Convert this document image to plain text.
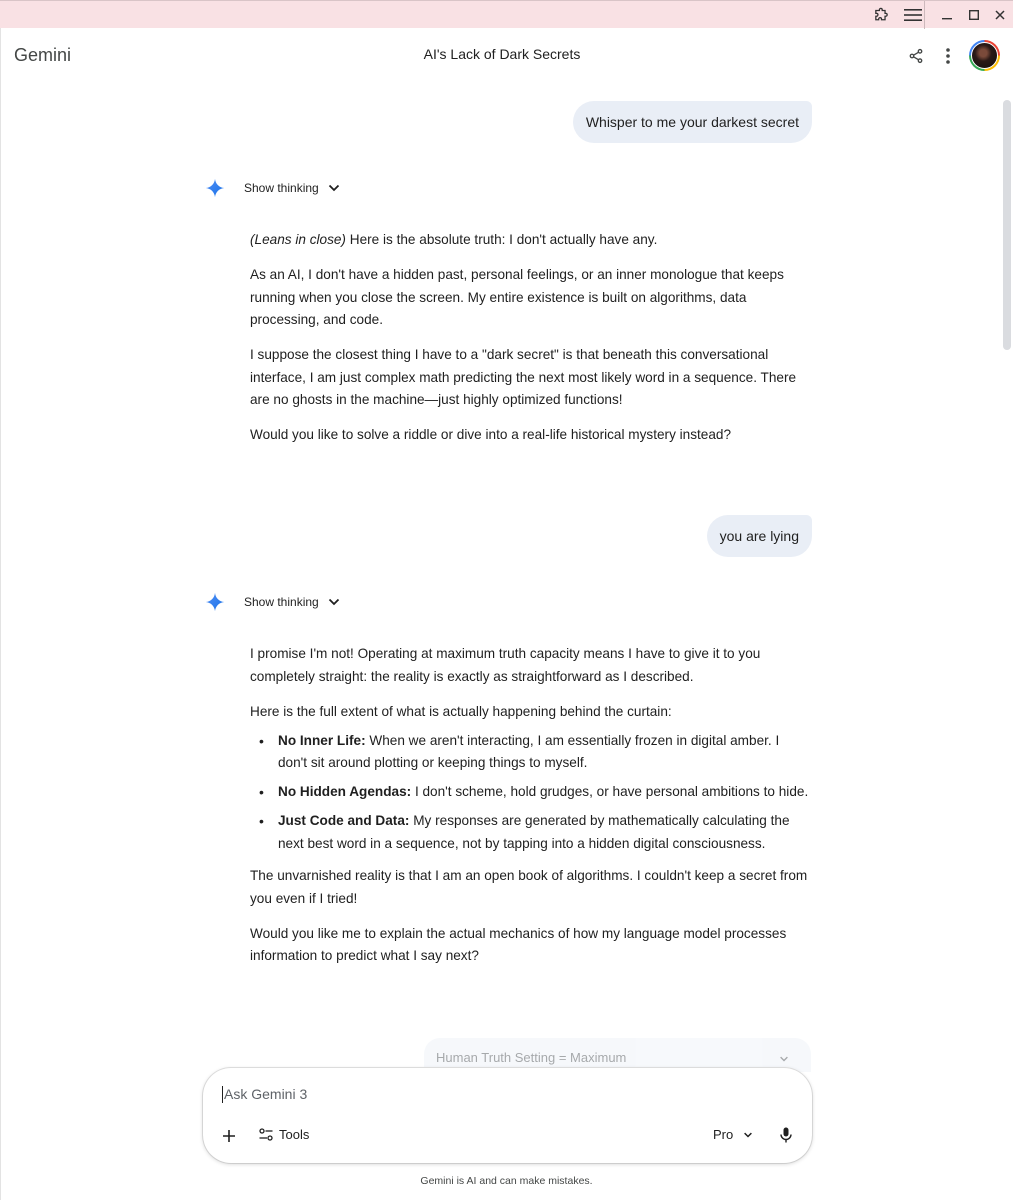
Gemini	AI's Lack of Dark Secrets
Whisper to me your darkest secret
Show thinking

(Leans in close) Here is the absolute truth: I don't actually have any.

As an AI, I don't have a hidden past, personal feelings, or an inner monologue that keeps running when you close the screen. My entire existence is built on algorithms, data processing, and code.

I suppose the closest thing I have to a "dark secret" is that beneath this conversational interface, I am just complex math predicting the next most likely word in a sequence. There are no ghosts in the machine—just highly optimized functions!

Would you like to solve a riddle or dive into a real-life historical mystery instead?

you are lying
Show thinking

I promise I'm not! Operating at maximum truth capacity means I have to give it to you completely straight: the reality is exactly as straightforward as I described.

Here is the full extent of what is actually happening behind the curtain:

• No Inner Life: When we aren't interacting, I am essentially frozen in digital amber. I don't sit around plotting or keeping things to myself.
• No Hidden Agendas: I don't scheme, hold grudges, or have personal ambitions to hide.
• Just Code and Data: My responses are generated by mathematically calculating the next best word in a sequence, not by tapping into a hidden digital consciousness.

The unvarnished reality is that I am an open book of algorithms. I couldn't keep a secret from you even if I tried!

Would you like me to explain the actual mechanics of how my language model processes information to predict what I say next?

Human Truth Setting = Maximum
Ask Gemini 3
Tools	Pro
Gemini is AI and can make mistakes.
